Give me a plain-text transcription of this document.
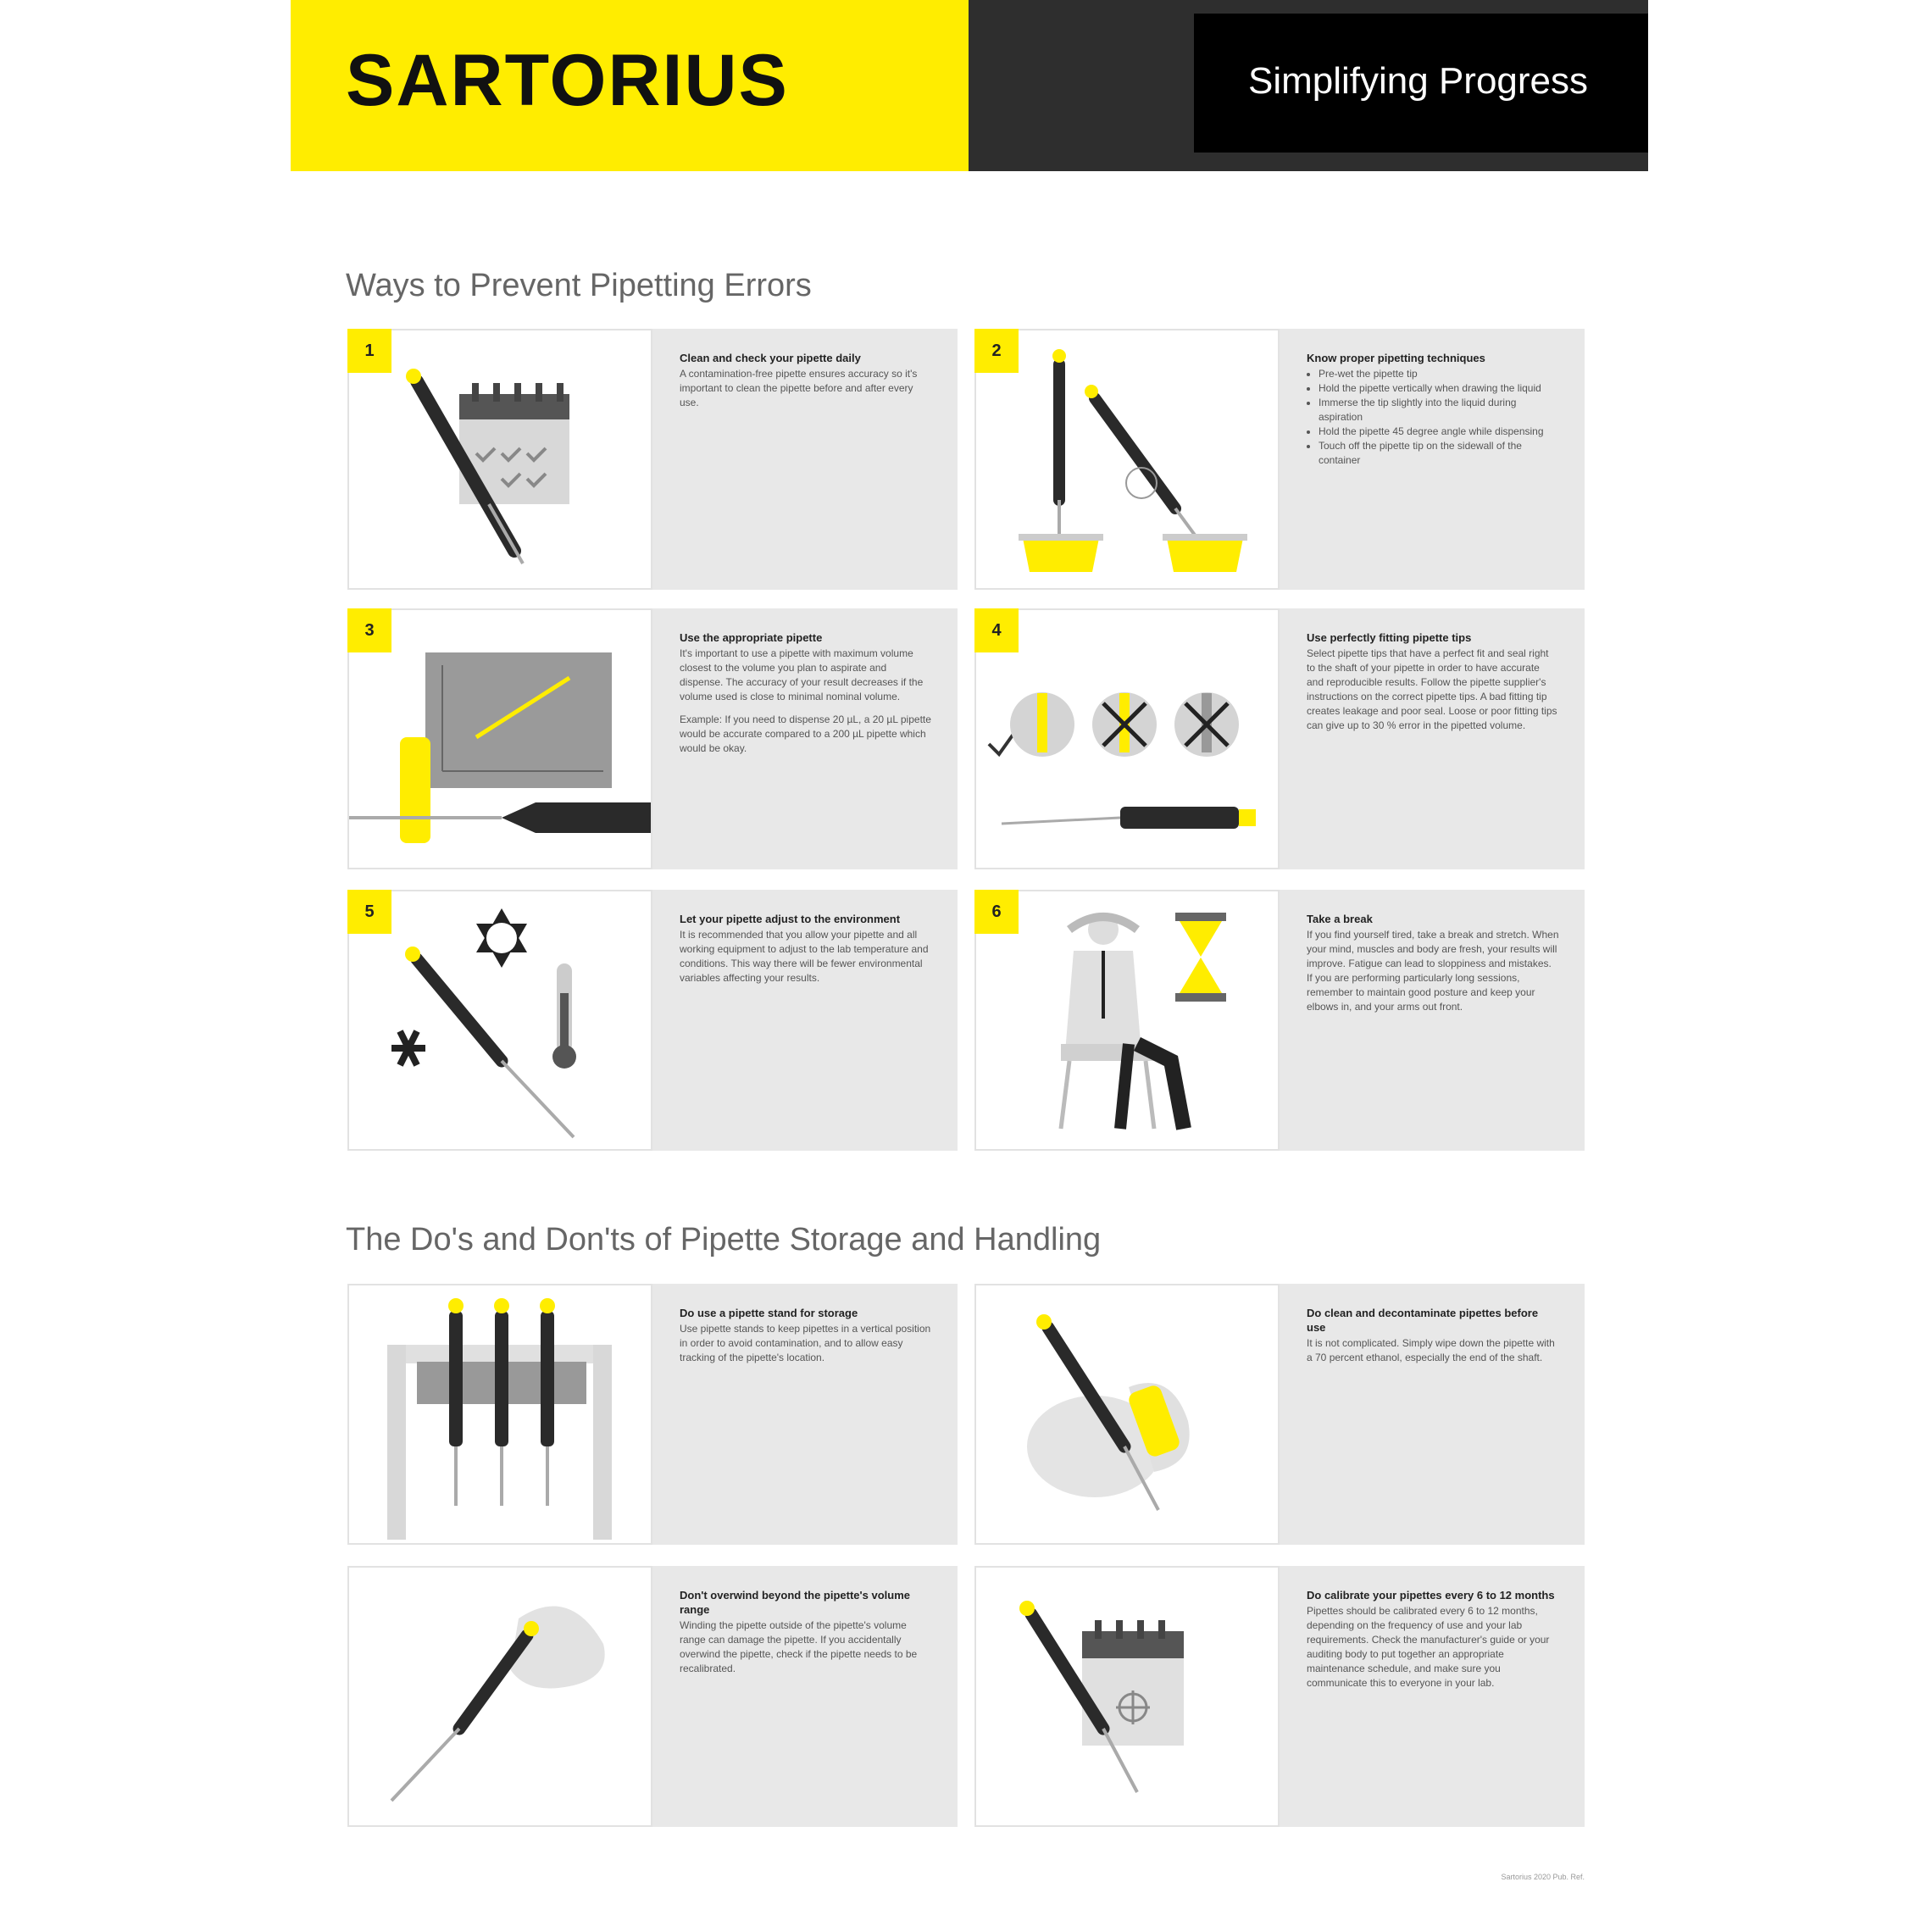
SARTORIUS	Simplifying Progress
Ways to Prevent Pipetting Errors
1	Clean and check your pipette daily
A contamination-free pipette ensures accuracy so it's important to clean the pipette before and after every use.
2	Know proper pipetting techniques
• Pre-wet the pipette tip
• Hold the pipette vertically when drawing the liquid
• Immerse the tip slightly into the liquid during aspiration
• Hold the pipette 45 degree angle while dispensing
• Touch off the pipette tip on the sidewall of the container
3	Use the appropriate pipette

It's important to use a pipette with maximum volume closest to the volume you plan to aspirate and dispense. The accuracy of your result decreases if the volume used is close to minimal nominal volume.

Example: If you need to dispense 20 µL, a 20 µL pipette would be accurate compared to a 200 µL pipette which would be okay.

4	Use perfectly fitting pipette tips
Select pipette tips that have a perfect fit and seal right to the shaft of your pipette in order to have accurate and reproducible results. Follow the pipette supplier's instructions on the correct pipette tips. A bad fitting tip creates leakage and poor seal. Loose or poor fitting tips can give up to 30 % error in the pipetted volume.
5	Let your pipette adjust to the environment
It is recommended that you allow your pipette and all working equipment to adjust to the lab temperature and conditions. This way there will be fewer environmental variables affecting your results.
6	Take a break
If you find yourself tired, take a break and stretch. When your mind, muscles and body are fresh, your results will improve. Fatigue can lead to sloppiness and mistakes. If you are performing particularly long sessions, remember to maintain good posture and keep your elbows in, and your arms out front.
The Do's and Don'ts of Pipette Storage and Handling
Do use a pipette stand for storage
Use pipette stands to keep pipettes in a vertical position in order to avoid contamination, and to allow easy tracking of the pipette's location.
Do clean and decontaminate pipettes before use
It is not complicated. Simply wipe down the pipette with a 70 percent ethanol, especially the end of the shaft.
Don't overwind beyond the pipette's volume range
Winding the pipette outside of the pipette's volume range can damage the pipette. If you accidentally overwind the pipette, check if the pipette needs to be recalibrated.
Do calibrate your pipettes every 6 to 12 months
Pipettes should be calibrated every 6 to 12 months, depending on the frequency of use and your lab requirements. Check the manufacturer's guide or your auditing body to put together an appropriate maintenance schedule, and make sure you communicate this to everyone in your lab.
Sartorius 2020 Pub. Ref.
